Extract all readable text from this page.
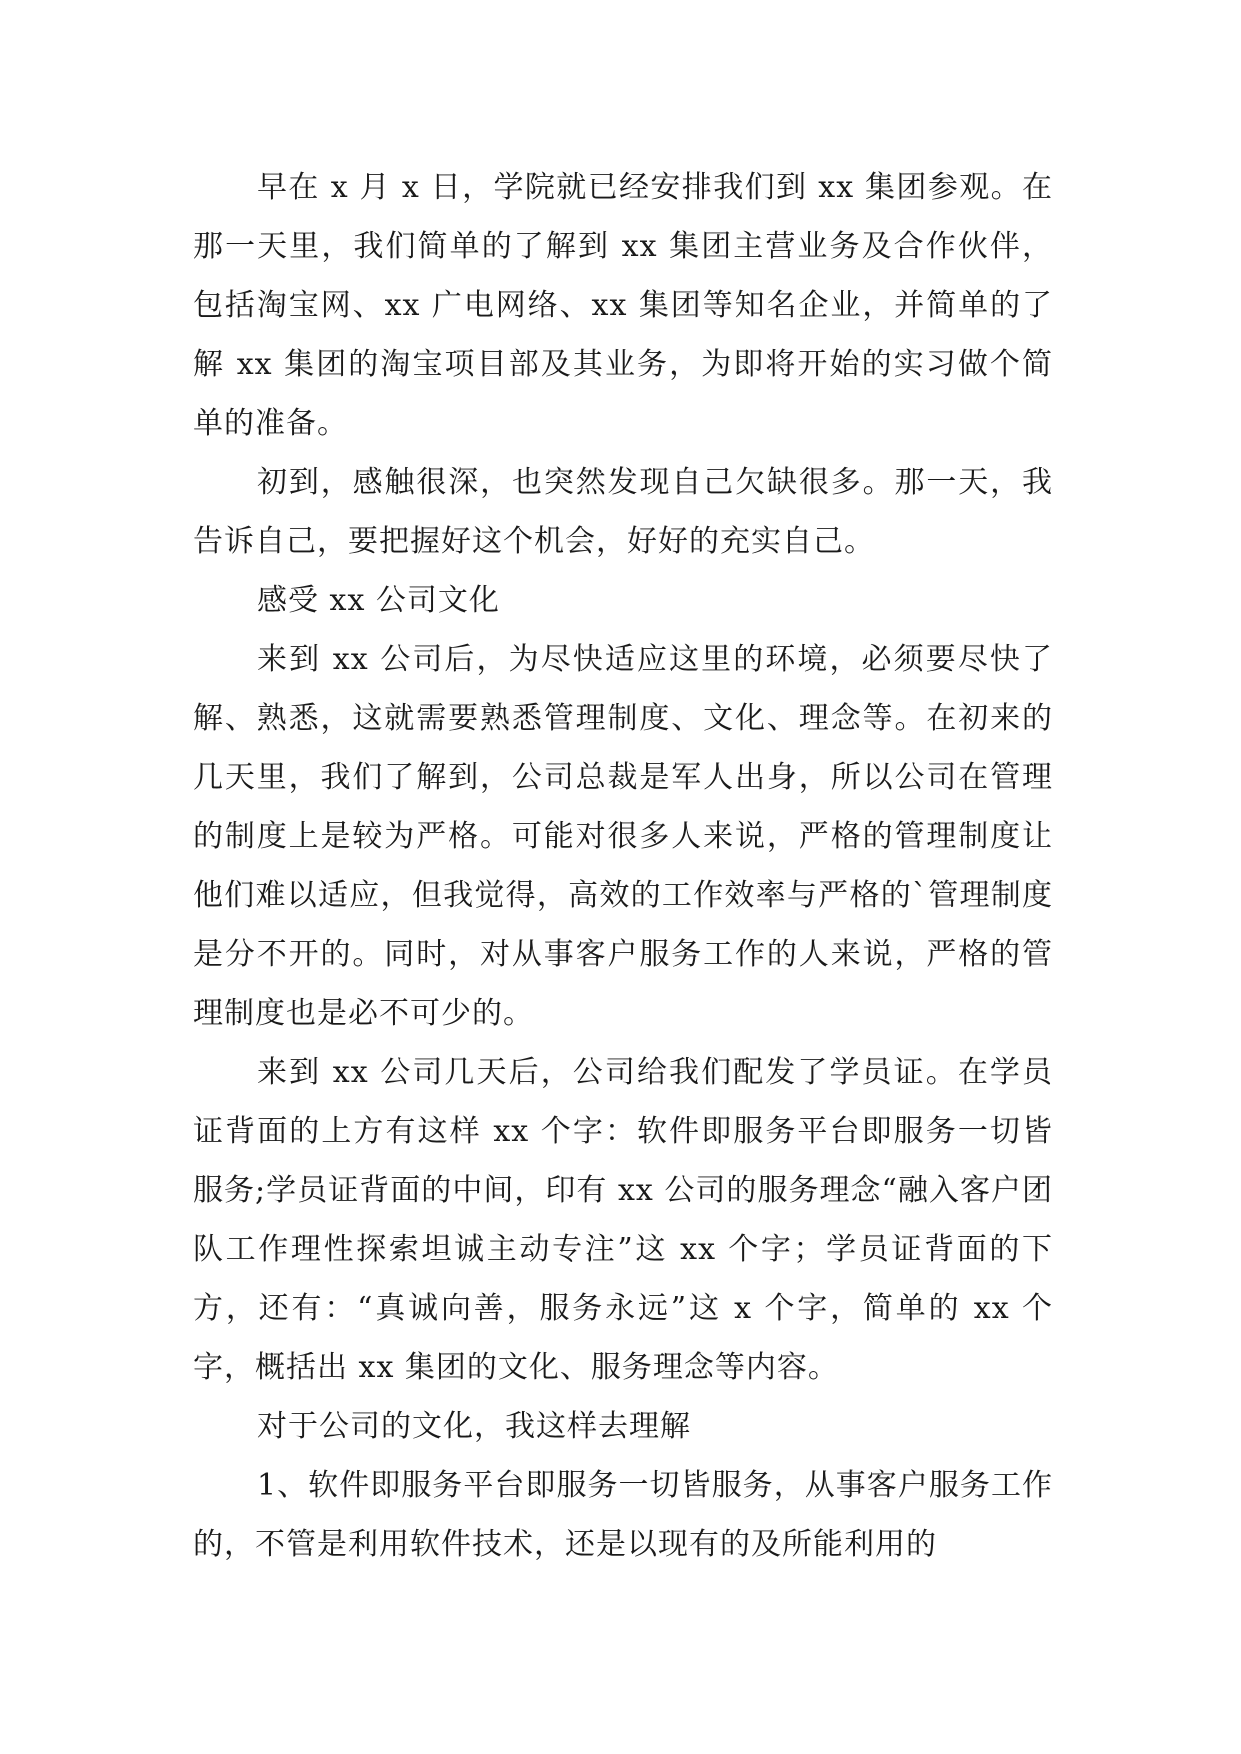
早在 x 月 x 日，学院就已经安排我们到 xx 集团参观。在那一天里，我们简单的了解到 xx 集团主营业务及合作伙伴，包括淘宝网、xx 广电网络、xx 集团等知名企业，并简单的了解 xx 集团的淘宝项目部及其业务，为即将开始的实习做个简单的准备。

初到，感触很深，也突然发现自己欠缺很多。那一天，我告诉自己，要把握好这个机会，好好的充实自己。

感受 xx 公司文化

来到 xx 公司后，为尽快适应这里的环境，必须要尽快了解、熟悉，这就需要熟悉管理制度、文化、理念等。在初来的几天里，我们了解到，公司总裁是军人出身，所以公司在管理的制度上是较为严格。可能对很多人来说，严格的管理制度让他们难以适应，但我觉得，高效的工作效率与严格的`管理制度是分不开的。同时，对从事客户服务工作的人来说，严格的管理制度也是必不可少的。

来到 xx 公司几天后，公司给我们配发了学员证。在学员证背面的上方有这样 xx 个字：软件即服务平台即服务一切皆服务;学员证背面的中间，印有 xx 公司的服务理念“融入客户团队工作理性探索坦诚主动专注”这 xx 个字；学员证背面的下方，还有：“真诚向善，服务永远”这 x 个字，简单的 xx 个字，概括出 xx 集团的文化、服务理念等内容。

对于公司的文化，我这样去理解

1、软件即服务平台即服务一切皆服务，从事客户服务工作的，不管是利用软件技术，还是以现有的及所能利用的
